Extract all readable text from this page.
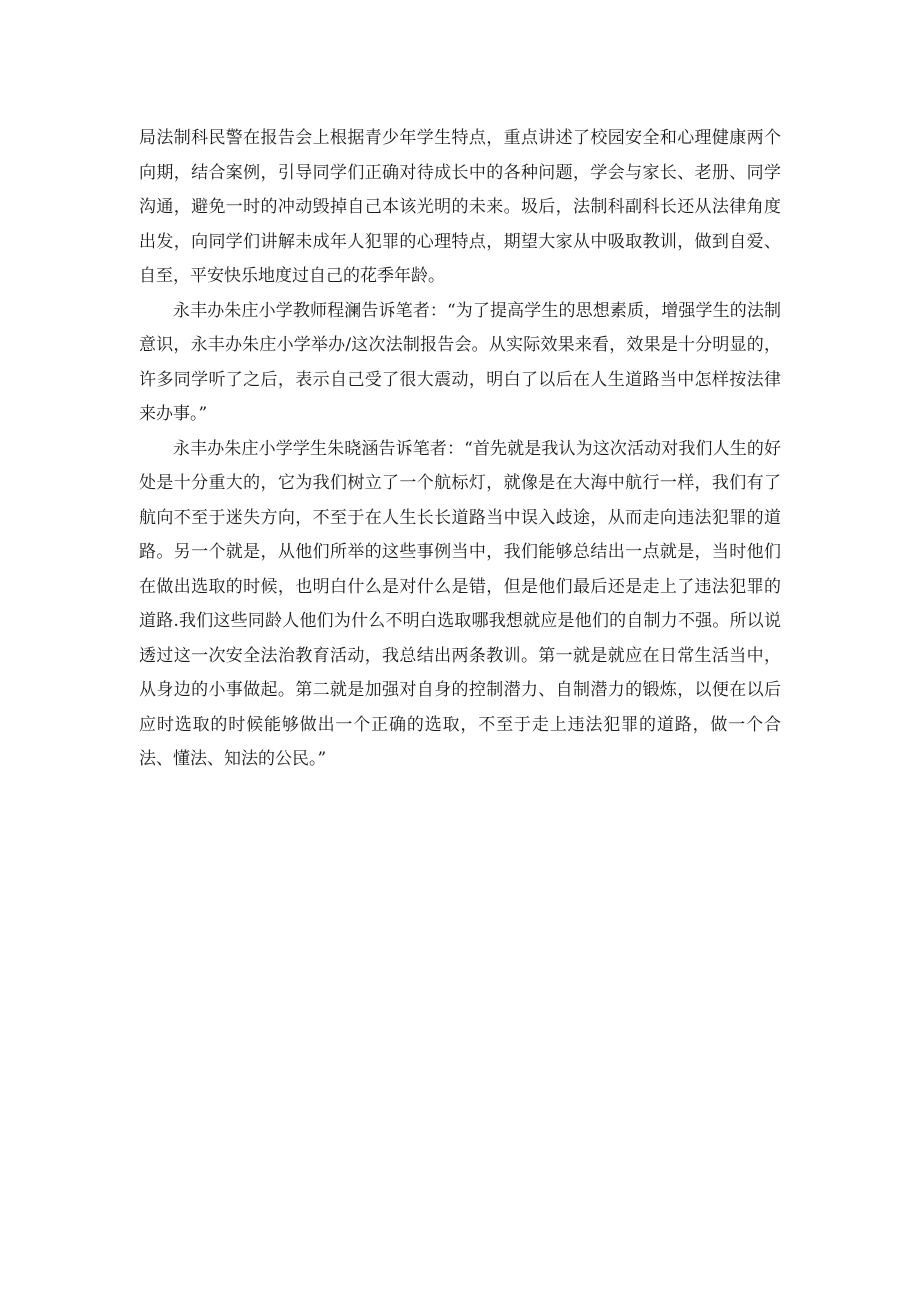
局法制科民警在报告会上根据青少年学生特点，重点讲述了校园安全和心理健康两个向期，结合案例，引导同学们正确对待成长中的各种问题，学会与家长、老册、同学沟通，避免一时的冲动毁掉自己本该光明的未来。圾后，法制科副科长还从法律角度出发，向同学们讲解未成年人犯罪的心理特点，期望大家从中吸取教训，做到自爱、自至，平安快乐地度过自己的花季年龄。

永丰办朱庄小学教师程澜告诉笔者：“为了提高学生的思想素质，增强学生的法制意识，永丰办朱庄小学举办/这次法制报告会。从实际效果来看，效果是十分明显的，许多同学听了之后，表示自己受了很大震动，明白了以后在人生道路当中怎样按法律来办事。”

永丰办朱庄小学学生朱晓涵告诉笔者：“首先就是我认为这次活动对我们人生的好处是十分重大的，它为我们树立了一个航标灯，就像是在大海中航行一样，我们有了航向不至于迷失方向，不至于在人生长长道路当中误入歧途，从而走向违法犯罪的道路。另一个就是，从他们所举的这些事例当中，我们能够总结出一点就是，当时他们在做出选取的时候，也明白什么是对什么是错，但是他们最后还是走上了违法犯罪的道路.我们这些同龄人他们为什么不明白选取哪我想就应是他们的自制力不强。所以说透过这一次安全法治教育活动，我总结出两条教训。第一就是就应在日常生活当中，从身边的小事做起。第二就是加强对自身的控制潜力、自制潜力的锻炼，以便在以后应时选取的时候能够做出一个正确的选取，不至于走上违法犯罪的道路，做一个合法、懂法、知法的公民。”
